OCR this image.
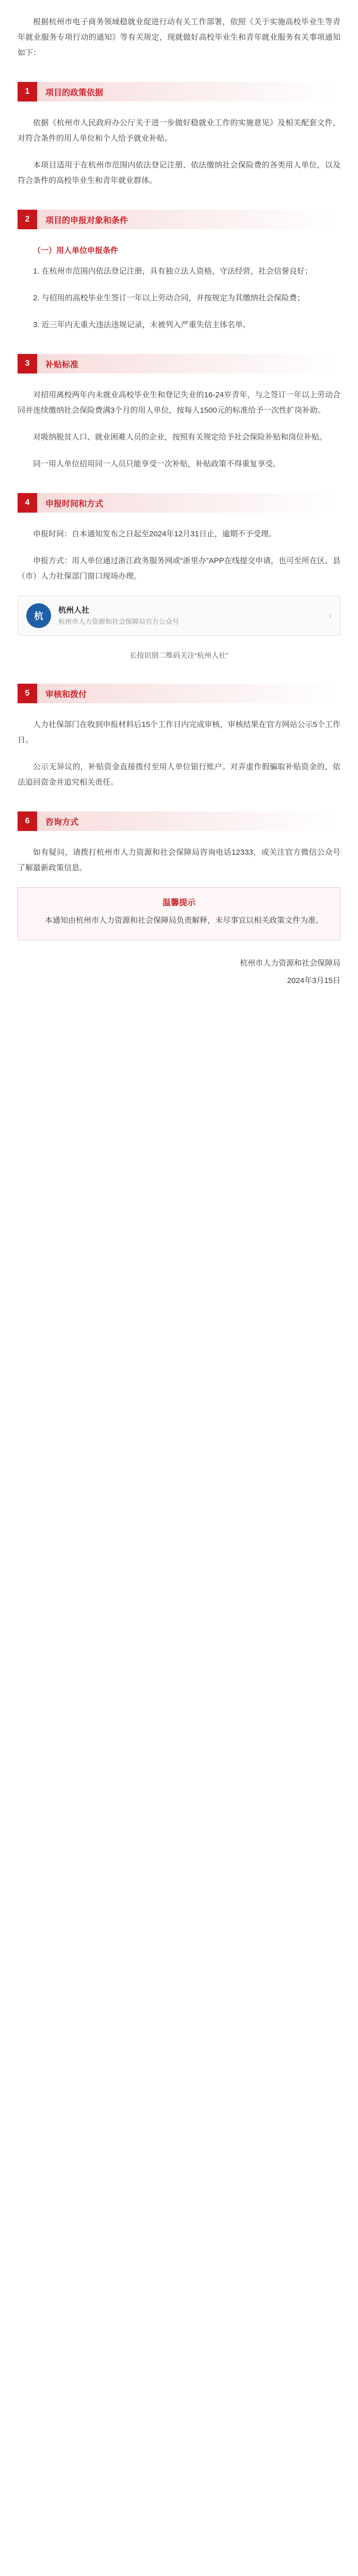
根据杭州市电子商务领域稳就业促进行动有关工作部署，依照《关于实施高校毕业生等青年就业服务专项行动的通知》等有关规定，现就做好高校毕业生和青年就业服务有关事项通知如下：

1	项目的政策依据

依据《杭州市人民政府办公厅关于进一步做好稳就业工作的实施意见》及相关配套文件，对符合条件的用人单位和个人给予就业补贴。

本项目适用于在杭州市范围内依法登记注册、依法缴纳社会保险费的各类用人单位，以及符合条件的高校毕业生和青年就业群体。

2	项目的申报对象和条件
（一）用人单位申报条件

1. 在杭州市范围内依法登记注册，具有独立法人资格，守法经营，社会信誉良好；

2. 与招用的高校毕业生签订一年以上劳动合同，并按规定为其缴纳社会保险费；

3. 近三年内无重大违法违规记录，未被列入严重失信主体名单。

3	补贴标准

对招用离校两年内未就业高校毕业生和登记失业的16-24岁青年，与之签订一年以上劳动合同并连续缴纳社会保险费满3个月的用人单位，按每人1500元的标准给予一次性扩岗补助。

对吸纳脱贫人口、就业困难人员的企业，按照有关规定给予社会保险补贴和岗位补贴。

同一用人单位招用同一人员只能享受一次补贴，补贴政策不得重复享受。

4	申报时间和方式

申报时间：自本通知发布之日起至2024年12月31日止，逾期不予受理。

申报方式：用人单位通过浙江政务服务网或“浙里办”APP在线提交申请，也可至所在区、县（市）人力社保部门窗口现场办理。

杭
杭州人社
杭州市人力资源和社会保障局官方公众号
›
长按识别二维码关注“杭州人社”
5	审核和拨付

人力社保部门在收到申报材料后15个工作日内完成审核，审核结果在官方网站公示5个工作日。

公示无异议的，补贴资金直接拨付至用人单位银行账户。对弄虚作假骗取补贴资金的，依法追回资金并追究相关责任。

6	咨询方式

如有疑问，请拨打杭州市人力资源和社会保障局咨询电话12333，或关注官方微信公众号了解最新政策信息。

温馨提示

本通知由杭州市人力资源和社会保障局负责解释，未尽事宜以相关政策文件为准。

杭州市人力资源和社会保障局

2024年3月15日
